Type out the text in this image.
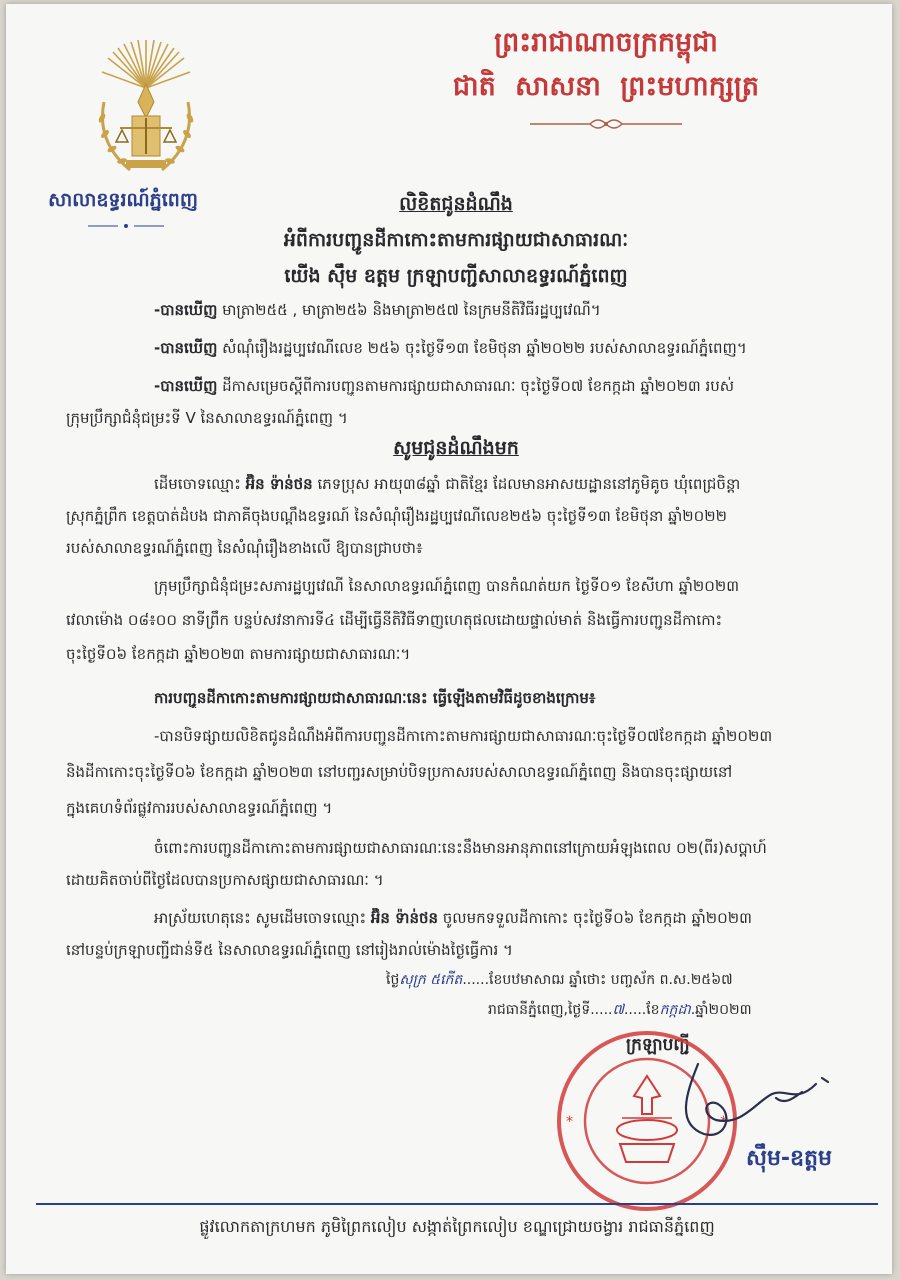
ព្រះរាជាណាចក្រកម្ពុជា
ជាតិ សាសនា ព្រះមហាក្សត្រ
សាលាឧទ្ធរណ៍ភ្នំពេញ	លិខិតជូនដំណឹង
អំពីការបញ្ជូនដីកាកោះតាមការផ្សាយជាសាធារណៈ
យើង ស៊ឹម ឧត្តម ក្រឡាបញ្ជីសាលាឧទ្ធរណ៍ភ្នំពេញ
-បានឃើញ មាត្រា២៥៥ , មាត្រា២៥៦ និងមាត្រា២៥៧ នៃក្រមនីតិវិធីរដ្ឋប្បវេណី។
-បានឃើញ សំណុំរឿងរដ្ឋប្បវេណីលេខ ២៥៦ ចុះថ្ងៃទី១៣ ខែមិថុនា ឆ្នាំ២០២២ របស់សាលាឧទ្ធរណ៍ភ្នំពេញ។
-បានឃើញ ដីកាសម្រេចស្តីពីការបញ្ជូនតាមការផ្សាយជាសាធារណៈ ចុះថ្ងៃទី០៧ ខែកក្កដា ឆ្នាំ២០២៣ របស់
ក្រុមប្រឹក្សាជំនុំជម្រះទី V នៃសាលាឧទ្ធរណ៍ភ្នំពេញ ។
សូមជូនដំណឹងមក
ដើមចោទឈ្មោះ អ៊ិន ទ៉ាន់ថន ភេទប្រុស អាយុ៣៨ឆ្នាំ ជាតិខ្មែរ ដែលមានអាសយដ្ឋាននៅភូមិគូច ឃុំពេជ្រចិន្តា
ស្រុកភ្នំព្រឹក ខេត្តបាត់ដំបង ជាភាគីចុងបណ្តឹងឧទ្ធរណ៍ នៃសំណុំរឿងរដ្ឋប្បវេណីលេខ២៥៦ ចុះថ្ងៃទី១៣ ខែមិថុនា ឆ្នាំ២០២២
របស់សាលាឧទ្ធរណ៍ភ្នំពេញ នៃសំណុំរឿងខាងលើ ឱ្យបានជ្រាបថា៖
ក្រុមប្រឹក្សាជំនុំជម្រះសភារដ្ឋប្បវេណី នៃសាលាឧទ្ធរណ៍ភ្នំពេញ បានកំណត់យក ថ្ងៃទី០១ ខែសីហា ឆ្នាំ២០២៣
វេលាម៉ោង ០៨៖០០ នាទីព្រឹក បន្ទប់សវនាការទី៤ ដើម្បីធ្វើនីតិវិធីទាញហេតុផលដោយផ្ទាល់មាត់ និងធ្វើការបញ្ជូនដីកាកោះ
ចុះថ្ងៃទី០៦ ខែកក្កដា ឆ្នាំ២០២៣ តាមការផ្សាយជាសាធារណៈ។
ការបញ្ជូនដីកាកោះតាមការផ្សាយជាសាធារណៈនេះ ធ្វើឡើងតាមវិធីដូចខាងក្រោម៖
-បានបិទផ្សាយលិខិតជូនដំណឹងអំពីការបញ្ជូនដីកាកោះតាមការផ្សាយជាសាធារណៈចុះថ្ងៃទី០៧ខែកក្កដា ឆ្នាំ២០២៣
និងដីកាកោះចុះថ្ងៃទី០៦ ខែកក្កដា ឆ្នាំ២០២៣ នៅបញ្ជរសម្រាប់បិទប្រកាសរបស់សាលាឧទ្ធរណ៍ភ្នំពេញ និងបានចុះផ្សាយនៅ
ក្នុងគេហទំព័រផ្លូវការរបស់សាលាឧទ្ធរណ៍ភ្នំពេញ ។
ចំពោះការបញ្ជូនដីកាកោះតាមការផ្សាយជាសាធារណៈនេះនឹងមានអានុភាពនៅក្រោយអំឡុងពេល ០២(ពីរ)សប្តាហ៍
ដោយគិតចាប់ពីថ្ងៃដែលបានប្រកាសផ្សាយជាសាធារណៈ ។
អាស្រ័យហេតុនេះ សូមដើមចោទឈ្មោះ អ៊ិន ទ៉ាន់ថន ចូលមកទទួលដីកាកោះ ចុះថ្ងៃទី០៦ ខែកក្កដា ឆ្នាំ២០២៣
នៅបន្ទប់ក្រឡាបញ្ជីជាន់ទី៥ នៃសាលាឧទ្ធរណ៍ភ្នំពេញ នៅរៀងរាល់ម៉ោងថ្ងៃធ្វើការ ។
ថ្ងៃសុក្រ ៥កើត......ខែបឋមាសាឍ ឆ្នាំថោះ បញ្ចស័ក ព.ស.២៥៦៧
រាជធានីភ្នំពេញ,ថ្ងៃទី.....៧.....ខែកក្កដា.ឆ្នាំ២០២៣
ក្រឡាបញ្ជី
*	*
ស៊ឹម-ឧត្តម
ផ្លូវលោកតាក្រហមក ភូមិព្រៃកលៀប សង្កាត់ព្រៃកលៀប ខណ្ឌជ្រោយចង្វារ រាជធានីភ្នំពេញ
